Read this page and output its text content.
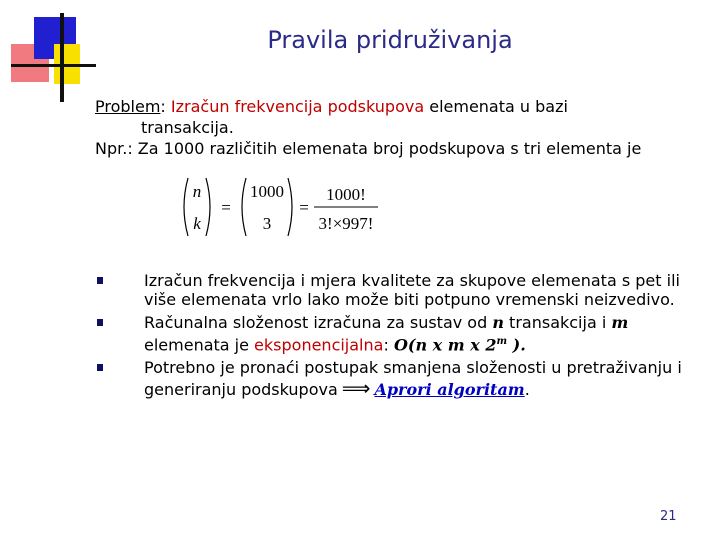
Pravila pridruživanja

Problem: Izračun frekvencija podskupova elemenata u bazi

transakcija.

Npr.: Za 1000 različitih elemenata broj podskupova s tri elementa je

n
k
=
1000
3
=
1000!
3!×997!
Izračun frekvencija i mjera kvalitete za skupove elemenata s pet ili više elemenata vrlo lako može biti potpuno vremenski neizvedivo.
Računalna složenost izračuna za sustav od n transakcija i m elemenata je eksponencijalna: O(n x m x 2$^m$ ).
Potrebno je pronaći postupak smanjena složenosti u pretraživanju i generiranju podskupova ⟹ Aprori algoritam.
21
